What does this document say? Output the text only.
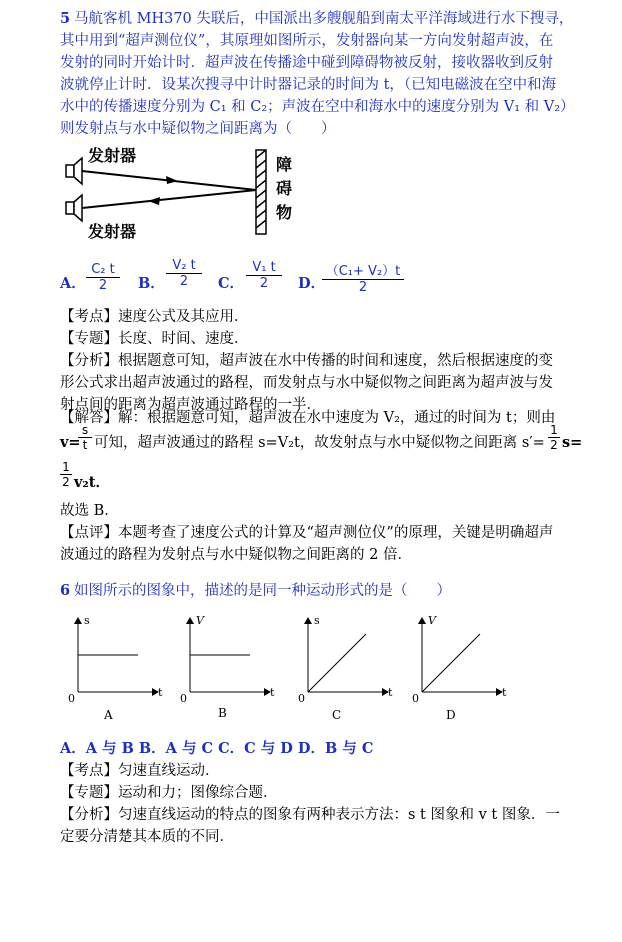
5 马航客机 MH370 失联后，中国派出多艘舰船到南太平洋海域进行水下搜寻，
其中用到“超声测位仪”，其原理如图所示，发射器向某一方向发射超声波，在
发射的同时开始计时．超声波在传播途中碰到障碍物被反射，接收器收到反射
波就停止计时．设某次搜寻中计时器记录的时间为 t，（已知电磁波在空中和海
水中的传播速度分别为 C₁ 和 C₂；声波在空中和海水中的速度分别为 V₁ 和 V₂）
则发射点与水中疑似物之间距离为（　　）
发射器
发射器
障
碍
物
A．
C₂ t
2	B．
V₂ t
2	C．
V₁ t
2	D．
（C₁+ V₂）t
2
【考点】速度公式及其应用．
【专题】长度、时间、速度．
【分析】根据题意可知，超声波在水中传播的时间和速度，然后根据速度的变
形公式求出超声波通过的路程，而发射点与水中疑似物之间距离为超声波与发
射点间的距离为超声波通过路程的一半．
【解答】解：根据题意可知，超声波在水中速度为 V₂，通过的时间为 t；则由
v=
s
t 可知，超声波通过的路程 s=V₂t，故发射点与水中疑似物之间距离 s′=
1
2 s=
1
2 v₂t．
故选 B．
【点评】本题考查了速度公式的计算及“超声测位仪”的原理，关键是明确超声
波通过的路程为发射点与水中疑似物之间距离的 2 倍．
6 如图所示的图象中，描述的是同一种运动形式的是（　　）
s
0	t
A
V
0	t
B
s
0	t
C
V
0	t
D
A．A 与 B B．A 与 C C．C 与 D D．B 与 C
【考点】匀速直线运动．
【专题】运动和力；图像综合题．
【分析】匀速直线运动的特点的图象有两种表示方法：s t 图象和 v t 图象．一
定要分清楚其本质的不同．
